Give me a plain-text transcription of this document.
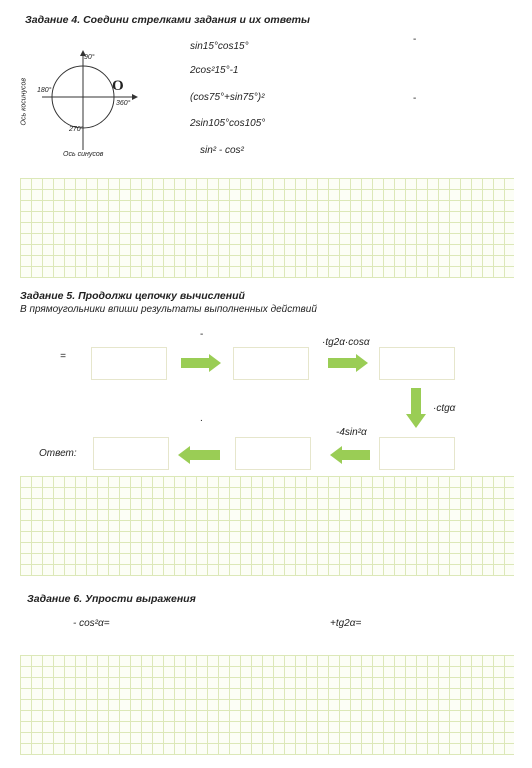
Задание 4. Соедини стрелками задания и их ответы
90°
180°
360°
270°
O
Ось синусов
Ось косинусов
sin15°cos15°
2cos²15°-1
(cos75°+sin75°)²
2sin105°cos105°
sin² - cos²
-
-
Задание 5. Продолжи цепочку вычислений
В прямоугольники впиши результаты выполненных действий
=
-
·tg2α·cosα
·ctgα
-4sin²α
.
Ответ:
Задание 6. Упрости выражения
- cos²α=	+tg2α=
